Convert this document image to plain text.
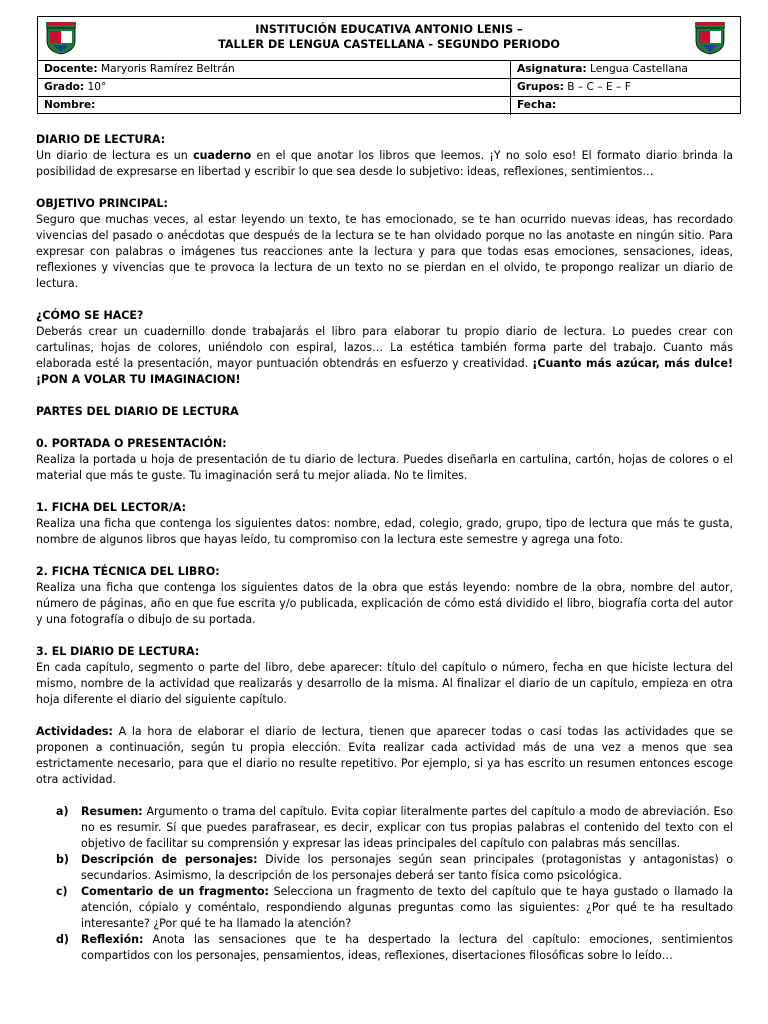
INSTITUCIÓN EDUCATIVA ANTONIO LENIS –
TALLER DE LENGUA CASTELLANA - SEGUNDO PERIODO
Docente: Maryoris Ramírez Beltrán	Asignatura: Lengua Castellana
Grado: 10°	Grupos: B – C – E – F
Nombre:	Fecha:

DIARIO DE LECTURA:

Un diario de lectura es un cuaderno en el que anotar los libros que leemos. ¡Y no solo eso! El formato diario brinda la posibilidad de expresarse en libertad y escribir lo que sea desde lo subjetivo: ideas, reflexiones, sentimientos…

OBJETIVO PRINCIPAL:

Seguro que muchas veces, al estar leyendo un texto, te has emocionado, se te han ocurrido nuevas ideas, has recordado vivencias del pasado o anécdotas que después de la lectura se te han olvidado porque no las anotaste en ningún sitio. Para expresar con palabras o imágenes tus reacciones ante la lectura y para que todas esas emociones, sensaciones, ideas, reflexiones y vivencias que te provoca la lectura de un texto no se pierdan en el olvido, te propongo realizar un diario de lectura.

¿CÓMO SE HACE?

Deberás crear un cuadernillo donde trabajarás el libro para elaborar tu propio diario de lectura. Lo puedes crear con cartulinas, hojas de colores, uniéndolo con espiral, lazos… La estética también forma parte del trabajo. Cuanto más elaborada esté la presentación, mayor puntuación obtendrás en esfuerzo y creatividad. ¡Cuanto más azúcar, más dulce! ¡PON A VOLAR TU IMAGINACION!

PARTES DEL DIARIO DE LECTURA

0. PORTADA O PRESENTACIÓN:

Realiza la portada u hoja de presentación de tu diario de lectura. Puedes diseñarla en cartulina, cartón, hojas de colores o el material que más te guste. Tu imaginación será tu mejor aliada. No te limites.

1. FICHA DEL LECTOR/A:

Realiza una ficha que contenga los siguientes datos: nombre, edad, colegio, grado, grupo, tipo de lectura que más te gusta, nombre de algunos libros que hayas leído, tu compromiso con la lectura este semestre y agrega una foto.

2. FICHA TÉCNICA DEL LIBRO:

Realiza una ficha que contenga los siguientes datos de la obra que estás leyendo: nombre de la obra, nombre del autor, número de páginas, año en que fue escrita y/o publicada, explicación de cómo está dividido el libro, biografía corta del autor y una fotografía o dibujo de su portada.

3. EL DIARIO DE LECTURA:

En cada capítulo, segmento o parte del libro, debe aparecer: título del capítulo o número, fecha en que hiciste lectura del mismo, nombre de la actividad que realizarás y desarrollo de la misma. Al finalizar el diario de un capítulo, empieza en otra hoja diferente el diario del siguiente capítulo.

Actividades: A la hora de elaborar el diario de lectura, tienen que aparecer todas o casi todas las actividades que se proponen a continuación, según tu propia elección. Evita realizar cada actividad más de una vez a menos que sea estrictamente necesario, para que el diario no resulte repetitivo. Por ejemplo, si ya has escrito un resumen entonces escoge otra actividad.

a) Resumen: Argumento o trama del capítulo. Evita copiar literalmente partes del capítulo a modo de abreviación. Eso no es resumir. Sí que puedes parafrasear, es decir, explicar con tus propias palabras el contenido del texto con el objetivo de facilitar su comprensión y expresar las ideas principales del capítulo con palabras más sencillas.
b) Descripción de personajes: Divide los personajes según sean principales (protagonistas y antagonistas) o secundarios. Asimismo, la descripción de los personajes deberá ser tanto física como psicológica.
c) Comentario de un fragmento: Selecciona un fragmento de texto del capítulo que te haya gustado o llamado la atención, cópialo y coméntalo, respondiendo algunas preguntas como las siguientes: ¿Por qué te ha resultado interesante? ¿Por qué te ha llamado la atención?
d) Reflexión: Anota las sensaciones que te ha despertado la lectura del capítulo: emociones, sentimientos compartidos con los personajes, pensamientos, ideas, reflexiones, disertaciones filosóficas sobre lo leído…
